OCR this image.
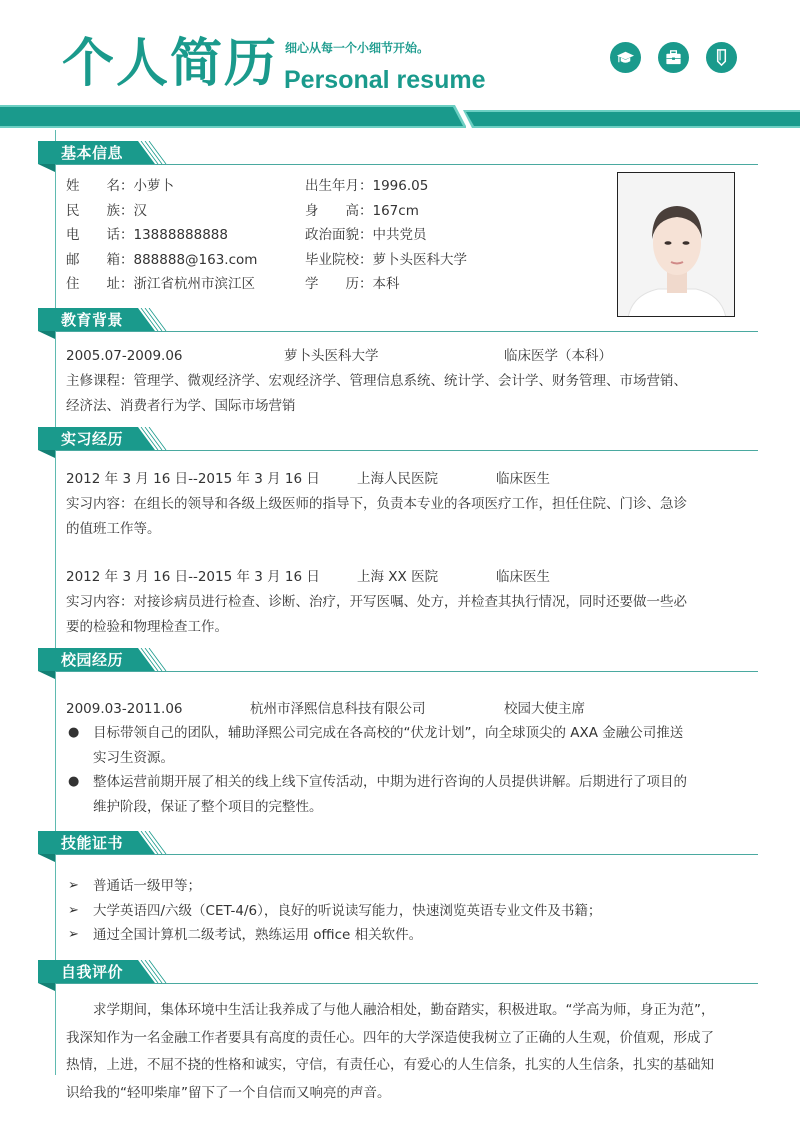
个人简历 细心从每一个小细节开始。
Personal resume
基本信息
姓　　名：小萝卜
民　　族：汉
电　　话：13888888888
邮　　箱：888888@163.com
住　　址：浙江省杭州市滨江区
出生年月：1996.05
身　　高：167cm
政治面貌：中共党员
毕业院校：萝卜头医科大学
学　　历：本科
教育背景
2005.07-2009.06	萝卜头医科大学	临床医学（本科）
主修课程：管理学、微观经济学、宏观经济学、管理信息系统、统计学、会计学、财务管理、市场营销、
经济法、消费者行为学、国际市场营销
实习经历
2012 年 3 月 16 日--2015 年 3 月 16 日	上海人民医院	临床医生
实习内容：在组长的领导和各级上级医师的指导下，负责本专业的各项医疗工作，担任住院、门诊、急诊
的值班工作等。
2012 年 3 月 16 日--2015 年 3 月 16 日	上海 XX 医院	临床医生
实习内容：对接诊病员进行检查、诊断、治疗，开写医嘱、处方，并检查其执行情况，同时还要做一些必
要的检验和物理检查工作。
校园经历
2009.03-2011.06	杭州市泽熙信息科技有限公司	校园大使主席
● 目标带领自己的团队，辅助泽熙公司完成在各高校的“伏龙计划”，向全球顶尖的 AXA 金融公司推送
实习生资源。
● 整体运营前期开展了相关的线上线下宣传活动，中期为进行咨询的人员提供讲解。后期进行了项目的
维护阶段，保证了整个项目的完整性。
技能证书
➢ 普通话一级甲等；
➢ 大学英语四/六级（CET-4/6），良好的听说读写能力，快速浏览英语专业文件及书籍；
➢ 通过全国计算机二级考试，熟练运用 office 相关软件。
自我评价
求学期间，集体环境中生活让我养成了与他人融洽相处，勤奋踏实，积极进取。“学高为师，身正为范”，我深知作为一名金融工作者要具有高度的责任心。四年的大学深造使我树立了正确的人生观，价值观，形成了热情，上进，不屈不挠的性格和诚实，守信，有责任心，有爱心的人生信条，扎实的人生信条，扎实的基础知识给我的“轻叩柴扉”留下了一个自信而又响亮的声音。
